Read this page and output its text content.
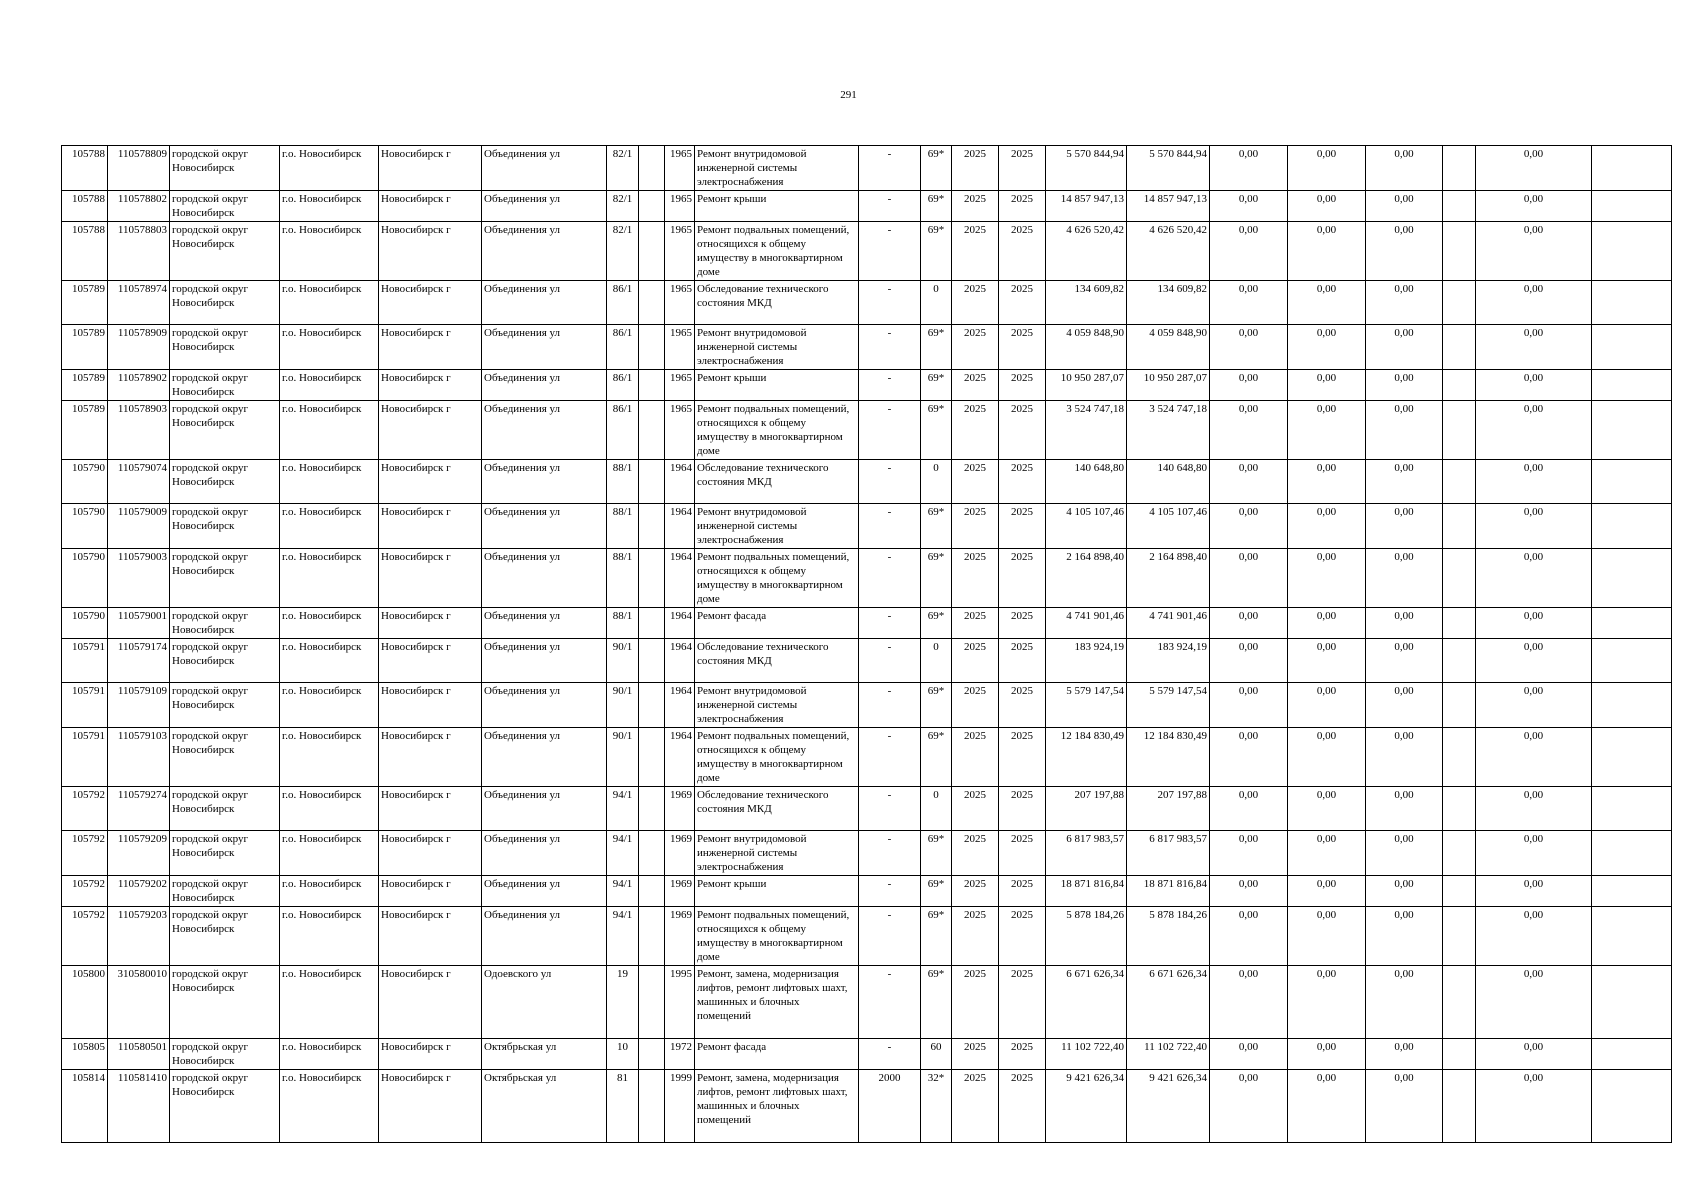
291
105788	110578809	городской округ Новосибирск	г.о. Новосибирск	Новосибирск г	Объединения ул	82/1		1965	Ремонт внутридомовой инженерной системы электроснабжения	-	69*	2025	2025	5 570 844,94	5 570 844,94	0,00	0,00	0,00		0,00	
105788	110578802	городской округ Новосибирск	г.о. Новосибирск	Новосибирск г	Объединения ул	82/1		1965	Ремонт крыши	-	69*	2025	2025	14 857 947,13	14 857 947,13	0,00	0,00	0,00		0,00	
105788	110578803	городской округ Новосибирск	г.о. Новосибирск	Новосибирск г	Объединения ул	82/1		1965	Ремонт подвальных помещений, относящихся к общему имуществу в многоквартирном доме	-	69*	2025	2025	4 626 520,42	4 626 520,42	0,00	0,00	0,00		0,00	
105789	110578974	городской округ Новосибирск	г.о. Новосибирск	Новосибирск г	Объединения ул	86/1		1965	Обследование технического состояния МКД	-	0	2025	2025	134 609,82	134 609,82	0,00	0,00	0,00		0,00	
105789	110578909	городской округ Новосибирск	г.о. Новосибирск	Новосибирск г	Объединения ул	86/1		1965	Ремонт внутридомовой инженерной системы электроснабжения	-	69*	2025	2025	4 059 848,90	4 059 848,90	0,00	0,00	0,00		0,00	
105789	110578902	городской округ Новосибирск	г.о. Новосибирск	Новосибирск г	Объединения ул	86/1		1965	Ремонт крыши	-	69*	2025	2025	10 950 287,07	10 950 287,07	0,00	0,00	0,00		0,00	
105789	110578903	городской округ Новосибирск	г.о. Новосибирск	Новосибирск г	Объединения ул	86/1		1965	Ремонт подвальных помещений, относящихся к общему имуществу в многоквартирном доме	-	69*	2025	2025	3 524 747,18	3 524 747,18	0,00	0,00	0,00		0,00	
105790	110579074	городской округ Новосибирск	г.о. Новосибирск	Новосибирск г	Объединения ул	88/1		1964	Обследование технического состояния МКД	-	0	2025	2025	140 648,80	140 648,80	0,00	0,00	0,00		0,00	
105790	110579009	городской округ Новосибирск	г.о. Новосибирск	Новосибирск г	Объединения ул	88/1		1964	Ремонт внутридомовой инженерной системы электроснабжения	-	69*	2025	2025	4 105 107,46	4 105 107,46	0,00	0,00	0,00		0,00	
105790	110579003	городской округ Новосибирск	г.о. Новосибирск	Новосибирск г	Объединения ул	88/1		1964	Ремонт подвальных помещений, относящихся к общему имуществу в многоквартирном доме	-	69*	2025	2025	2 164 898,40	2 164 898,40	0,00	0,00	0,00		0,00	
105790	110579001	городской округ Новосибирск	г.о. Новосибирск	Новосибирск г	Объединения ул	88/1		1964	Ремонт фасада	-	69*	2025	2025	4 741 901,46	4 741 901,46	0,00	0,00	0,00		0,00	
105791	110579174	городской округ Новосибирск	г.о. Новосибирск	Новосибирск г	Объединения ул	90/1		1964	Обследование технического состояния МКД	-	0	2025	2025	183 924,19	183 924,19	0,00	0,00	0,00		0,00	
105791	110579109	городской округ Новосибирск	г.о. Новосибирск	Новосибирск г	Объединения ул	90/1		1964	Ремонт внутридомовой инженерной системы электроснабжения	-	69*	2025	2025	5 579 147,54	5 579 147,54	0,00	0,00	0,00		0,00	
105791	110579103	городской округ Новосибирск	г.о. Новосибирск	Новосибирск г	Объединения ул	90/1		1964	Ремонт подвальных помещений, относящихся к общему имуществу в многоквартирном доме	-	69*	2025	2025	12 184 830,49	12 184 830,49	0,00	0,00	0,00		0,00	
105792	110579274	городской округ Новосибирск	г.о. Новосибирск	Новосибирск г	Объединения ул	94/1		1969	Обследование технического состояния МКД	-	0	2025	2025	207 197,88	207 197,88	0,00	0,00	0,00		0,00	
105792	110579209	городской округ Новосибирск	г.о. Новосибирск	Новосибирск г	Объединения ул	94/1		1969	Ремонт внутридомовой инженерной системы электроснабжения	-	69*	2025	2025	6 817 983,57	6 817 983,57	0,00	0,00	0,00		0,00	
105792	110579202	городской округ Новосибирск	г.о. Новосибирск	Новосибирск г	Объединения ул	94/1		1969	Ремонт крыши	-	69*	2025	2025	18 871 816,84	18 871 816,84	0,00	0,00	0,00		0,00	
105792	110579203	городской округ Новосибирск	г.о. Новосибирск	Новосибирск г	Объединения ул	94/1		1969	Ремонт подвальных помещений, относящихся к общему имуществу в многоквартирном доме	-	69*	2025	2025	5 878 184,26	5 878 184,26	0,00	0,00	0,00		0,00	
105800	310580010	городской округ Новосибирск	г.о. Новосибирск	Новосибирск г	Одоевского ул	19		1995	Ремонт, замена, модернизация лифтов, ремонт лифтовых шахт, машинных и блочных помещений	-	69*	2025	2025	6 671 626,34	6 671 626,34	0,00	0,00	0,00		0,00	
105805	110580501	городской округ Новосибирск	г.о. Новосибирск	Новосибирск г	Октябрьская ул	10		1972	Ремонт фасада	-	60	2025	2025	11 102 722,40	11 102 722,40	0,00	0,00	0,00		0,00	
105814	110581410	городской округ Новосибирск	г.о. Новосибирск	Новосибирск г	Октябрьская ул	81		1999	Ремонт, замена, модернизация лифтов, ремонт лифтовых шахт, машинных и блочных помещений	2000	32*	2025	2025	9 421 626,34	9 421 626,34	0,00	0,00	0,00		0,00	
